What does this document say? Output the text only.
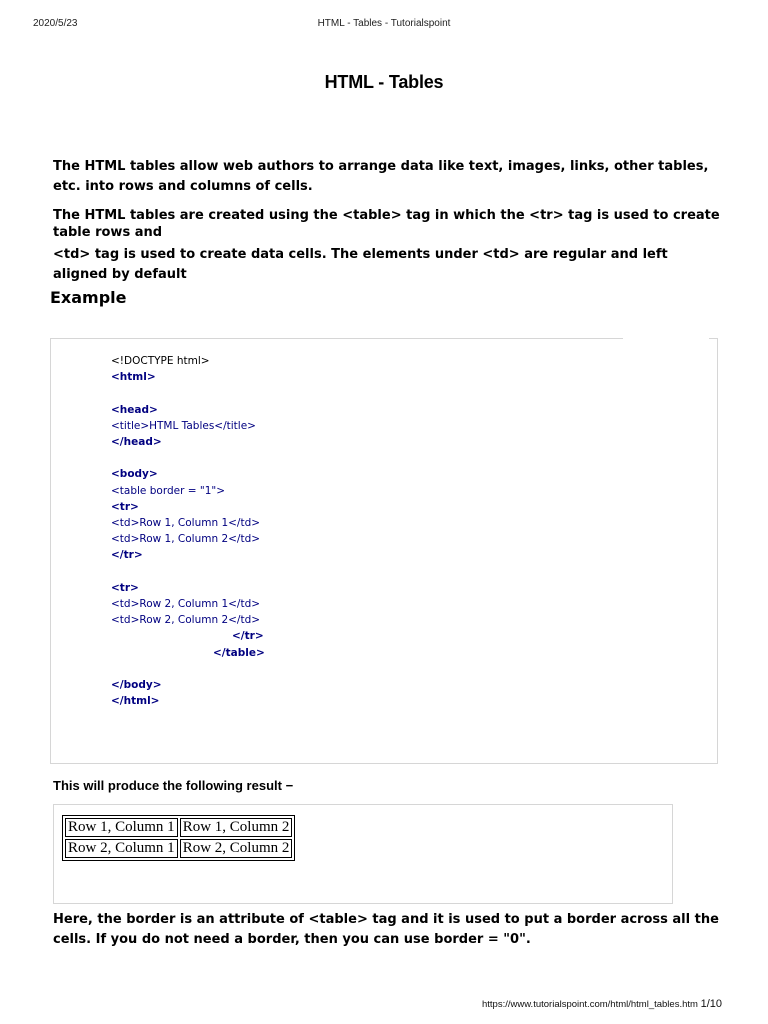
2020/5/23	HTML - Tables - Tutorialspoint
HTML - Tables

The HTML tables allow web authors to arrange data like text, images, links, other tables, etc. into rows and columns of cells.

The HTML tables are created using the <table> tag in which the <tr> tag is used to create table rows and

<td> tag is used to create data cells. The elements under <td> are regular and left aligned by default

Example
<!DOCTYPE html>
<html>

<head>
<title>HTML Tables</title>
</head>

<body>
<table border = "1">
<tr>
<td>Row 1, Column 1</td>
<td>Row 1, Column 2</td>
</tr>

<tr>
<td>Row 2, Column 1</td>
<td>Row 2, Column 2</td>
</tr>
</table>

</body>
</html>

This will produce the following result −

Row 1, Column 1	Row 1, Column 2
Row 2, Column 1	Row 2, Column 2

Here, the border is an attribute of <table> tag and it is used to put a border across all the cells. If you do not need a border, then you can use border = "0".

https://www.tutorialspoint.com/html/html_tables.htm 1/10
